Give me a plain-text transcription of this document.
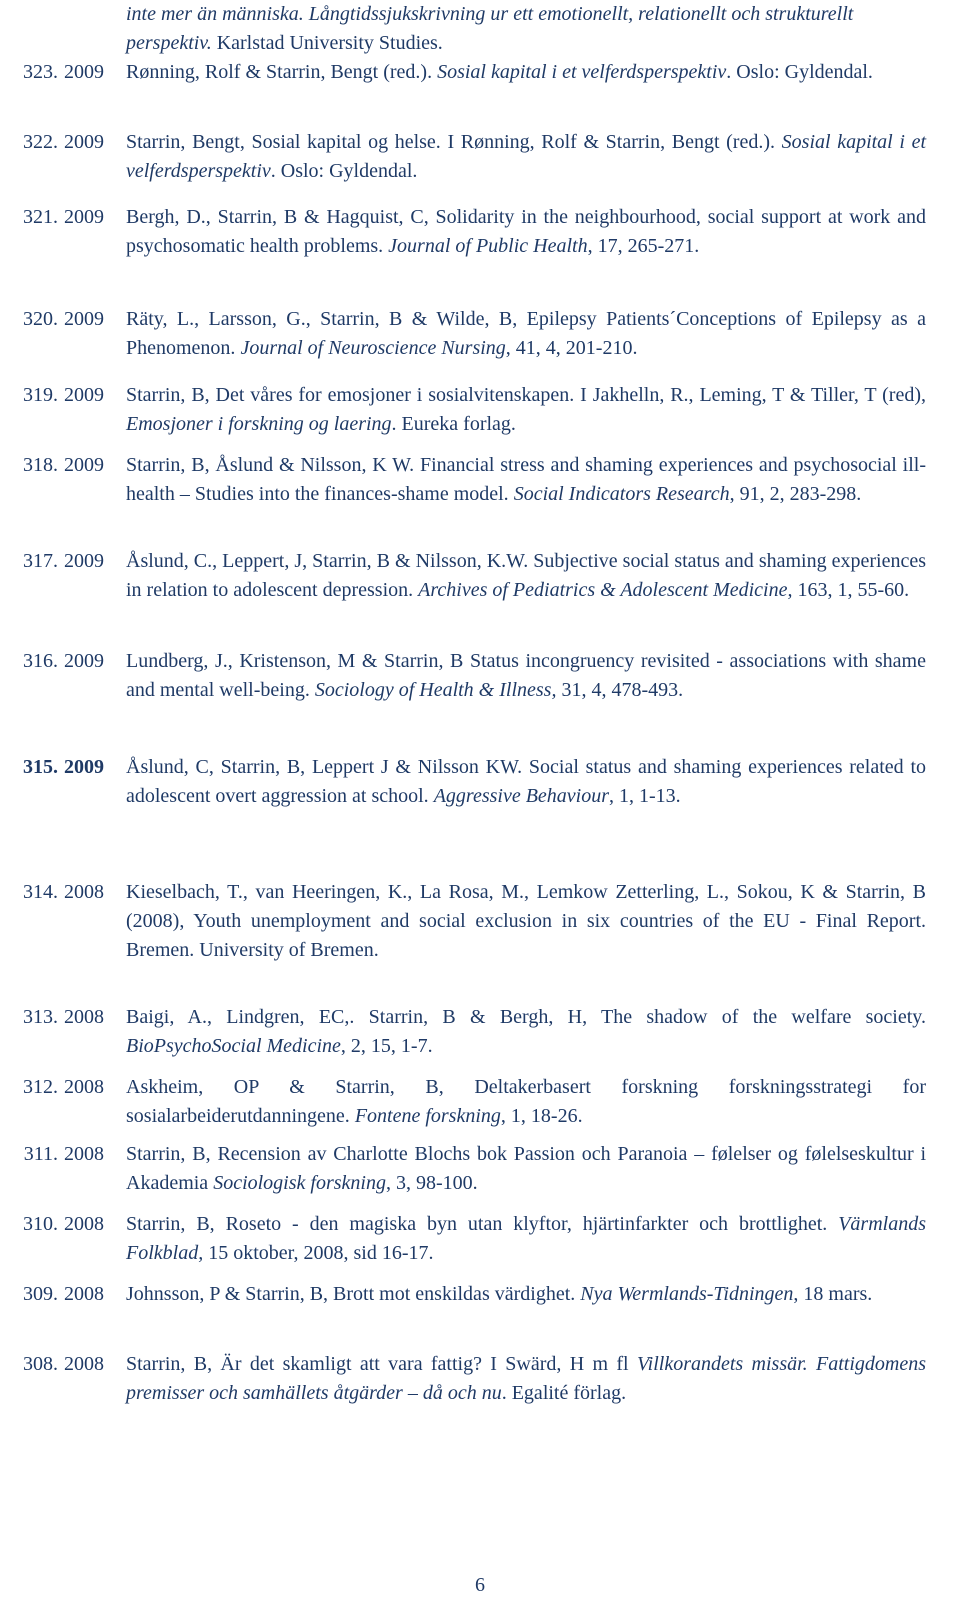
inte mer än människa. Långtidssjukskrivning ur ett emotionellt, relationellt och strukturellt perspektiv. Karlstad University Studies.
323. 2009	Rønning, Rolf & Starrin, Bengt (red.). Sosial kapital i et velferdsperspektiv. Oslo: Gyldendal.
322. 2009	Starrin, Bengt, Sosial kapital og helse. I Rønning, Rolf & Starrin, Bengt (red.). Sosial kapital i et velferdsperspektiv. Oslo: Gyldendal.
321. 2009	Bergh, D., Starrin, B & Hagquist, C, Solidarity in the neighbourhood, social support at work and psychosomatic health problems. Journal of Public Health, 17, 265-271.
320. 2009	Räty, L., Larsson, G., Starrin, B & Wilde, B, Epilepsy Patients´Conceptions of Epilepsy as a Phenomenon. Journal of Neuroscience Nursing, 41, 4, 201-210.
319. 2009	Starrin, B, Det våres for emosjoner i sosialvitenskapen. I Jakhelln, R., Leming, T & Tiller, T (red), Emosjoner i forskning og laering. Eureka forlag.
318. 2009	Starrin, B, Åslund & Nilsson, K W. Financial stress and shaming experiences and psychosocial ill-health – Studies into the finances-shame model. Social Indicators Research, 91, 2, 283-298.
317. 2009	Åslund, C., Leppert, J, Starrin, B & Nilsson, K.W. Subjective social status and shaming experiences in relation to adolescent depression. Archives of Pediatrics & Adolescent Medicine, 163, 1, 55-60.
316. 2009	Lundberg, J., Kristenson, M & Starrin, B Status incongruency revisited - associations with shame and mental well-being. Sociology of Health & Illness, 31, 4, 478-493.
315. 2009	Åslund, C, Starrin, B, Leppert J & Nilsson KW. Social status and shaming experiences related to adolescent overt aggression at school. Aggressive Behaviour, 1, 1-13.
314. 2008	Kieselbach, T., van Heeringen, K., La Rosa, M., Lemkow Zetterling, L., Sokou, K & Starrin, B (2008), Youth unemployment and social exclusion in six countries of the EU - Final Report. Bremen. University of Bremen.
313. 2008	Baigi, A., Lindgren, EC,. Starrin, B & Bergh, H, The shadow of the welfare society. BioPsychoSocial Medicine, 2, 15, 1-7.
312. 2008	Askheim, OP & Starrin, B, Deltakerbasert forskning forskningsstrategi for sosialarbeiderutdanningene. Fontene forskning, 1, 18-26.
311. 2008	Starrin, B, Recension av Charlotte Blochs bok Passion och Paranoia – følelser og følelseskultur i Akademia Sociologisk forskning, 3, 98-100.
310. 2008	Starrin, B, Roseto - den magiska byn utan klyftor, hjärtinfarkter och brottlighet. Värmlands Folkblad, 15 oktober, 2008, sid 16-17.
309. 2008	Johnsson, P & Starrin, B, Brott mot enskildas värdighet. Nya Wermlands-Tidningen, 18 mars.
308. 2008	Starrin, B, Är det skamligt att vara fattig? I Swärd, H m fl Villkorandets missär. Fattigdomens premisser och samhällets åtgärder – då och nu. Egalité förlag.
6
